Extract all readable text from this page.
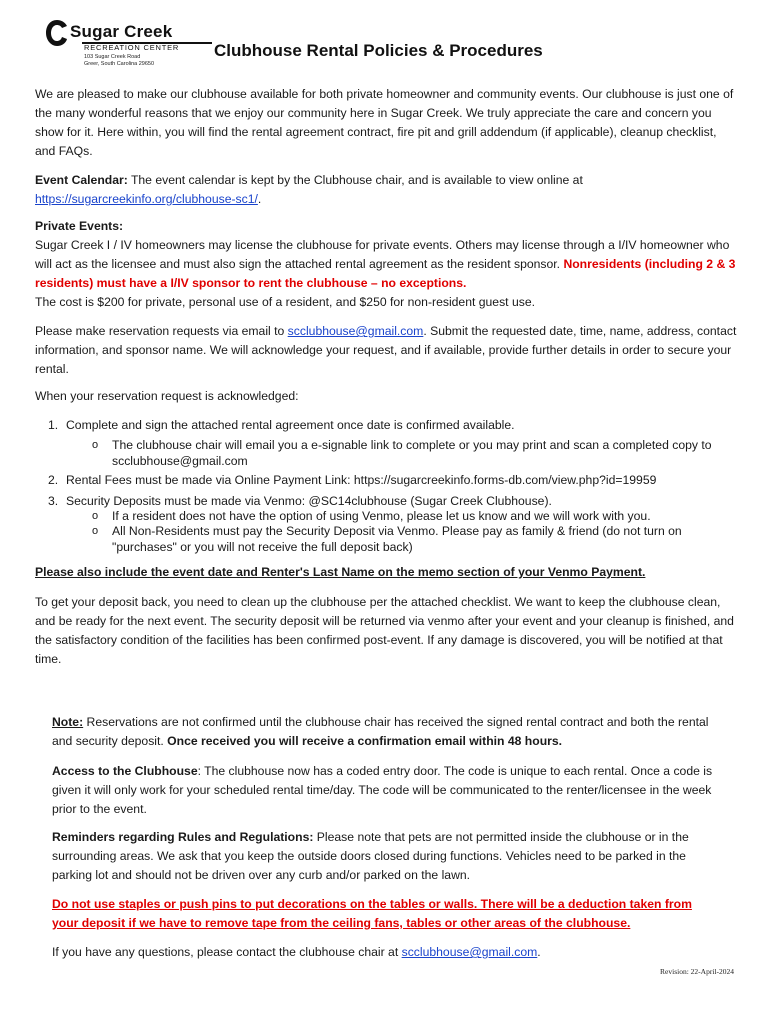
Sugar Creek
RECREATION CENTER
103 Sugar Creek Road
Greer, South Carolina 29650
Clubhouse Rental Policies & Procedures
We are pleased to make our clubhouse available for both private homeowner and community events. Our clubhouse is just one of the many wonderful reasons that we enjoy our community here in Sugar Creek. We truly appreciate the care and concern you show for it. Here within, you will find the rental agreement contract, fire pit and grill addendum (if applicable), cleanup checklist, and FAQs.
Event Calendar: The event calendar is kept by the Clubhouse chair, and is available to view online at
https://sugarcreekinfo.org/clubhouse-sc1/.
Private Events:
Sugar Creek I / IV homeowners may license the clubhouse for private events. Others may license through a I/IV homeowner who will act as the licensee and must also sign the attached rental agreement as the resident sponsor. Nonresidents (including 2 & 3 residents) must have a I/IV sponsor to rent the clubhouse – no exceptions.
The cost is $200 for private, personal use of a resident, and $250 for non-resident guest use.
Please make reservation requests via email to scclubhouse@gmail.com. Submit the requested date, time, name, address, contact information, and sponsor name. We will acknowledge your request, and if available, provide further details in order to secure your rental.
When your reservation request is acknowledged:
1. Complete and sign the attached rental agreement once date is confirmed available.
o The clubhouse chair will email you a e-signable link to complete or you may print and scan a completed copy to scclubhouse@gmail.com
2. Rental Fees must be made via Online Payment Link: https://sugarcreekinfo.forms-db.com/view.php?id=19959
3. Security Deposits must be made via Venmo: @SC14clubhouse (Sugar Creek Clubhouse).
o If a resident does not have the option of using Venmo, please let us know and we will work with you.
o All Non-Residents must pay the Security Deposit via Venmo. Please pay as family & friend (do not turn on "purchases" or you will not receive the full deposit back)
Please also include the event date and Renter's Last Name on the memo section of your Venmo Payment.
To get your deposit back, you need to clean up the clubhouse per the attached checklist. We want to keep the clubhouse clean, and be ready for the next event. The security deposit will be returned via venmo after your event and your cleanup is finished, and the satisfactory condition of the facilities has been confirmed post-event. If any damage is discovered, you will be notified at that time.
Note: Reservations are not confirmed until the clubhouse chair has received the signed rental contract and both the rental and security deposit. Once received you will receive a confirmation email within 48 hours.
Access to the Clubhouse: The clubhouse now has a coded entry door. The code is unique to each rental. Once a code is given it will only work for your scheduled rental time/day. The code will be communicated to the renter/licensee in the week prior to the event.
Reminders regarding Rules and Regulations: Please note that pets are not permitted inside the clubhouse or in the surrounding areas. We ask that you keep the outside doors closed during functions. Vehicles need to be parked in the parking lot and should not be driven over any curb and/or parked on the lawn.
Do not use staples or push pins to put decorations on the tables or walls. There will be a deduction taken from your deposit if we have to remove tape from the ceiling fans, tables or other areas of the clubhouse.
If you have any questions, please contact the clubhouse chair at scclubhouse@gmail.com.
Revision: 22-April-2024
